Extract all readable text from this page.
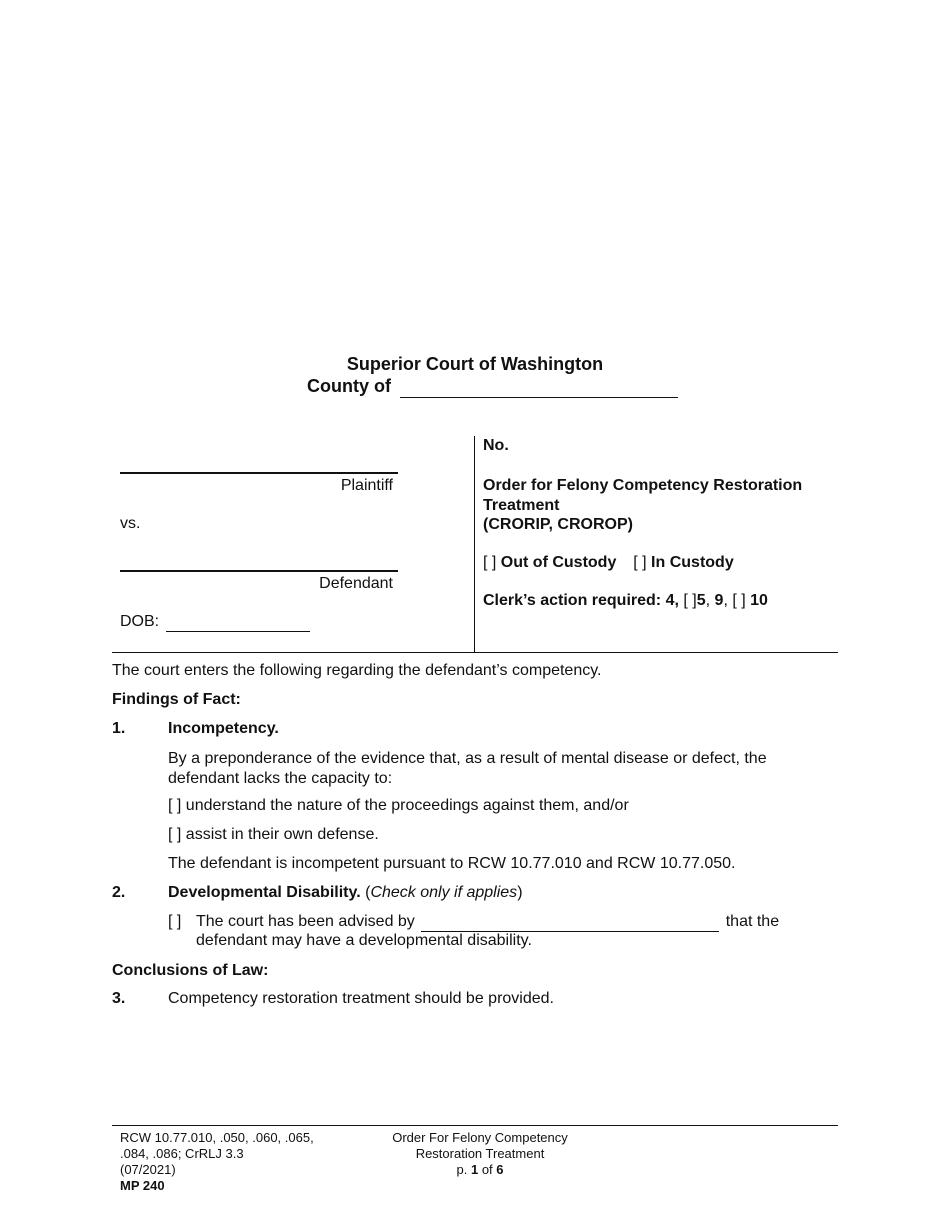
Superior Court of Washington
County of
Plaintiff
vs.
Defendant
DOB:
No.
Order for Felony Competency Restoration
Treatment
(CRORIP, CROROP)
[ ] Out of Custody [ ] In Custody
Clerk’s action required: 4, [ ]5, 9, [ ] 10
The court enters the following regarding the defendant’s competency.
Findings of Fact:
1.	Incompetency.
By a preponderance of the evidence that, as a result of mental disease or defect, the defendant lacks the capacity to:
[ ] understand the nature of the proceedings against them, and/or
[ ] assist in their own defense.
The defendant is incompetent pursuant to RCW 10.77.010 and RCW 10.77.050.
2.	Developmental Disability. (Check only if applies)
[ ] The court has been advised by	that the
defendant may have a developmental disability.
Conclusions of Law:
3.	Competency restoration treatment should be provided.
RCW 10.77.010, .050, .060, .065,
.084, .086; CrRLJ 3.3
(07/2021)
MP 240
Order For Felony Competency
Restoration Treatment
p. 1 of 6
